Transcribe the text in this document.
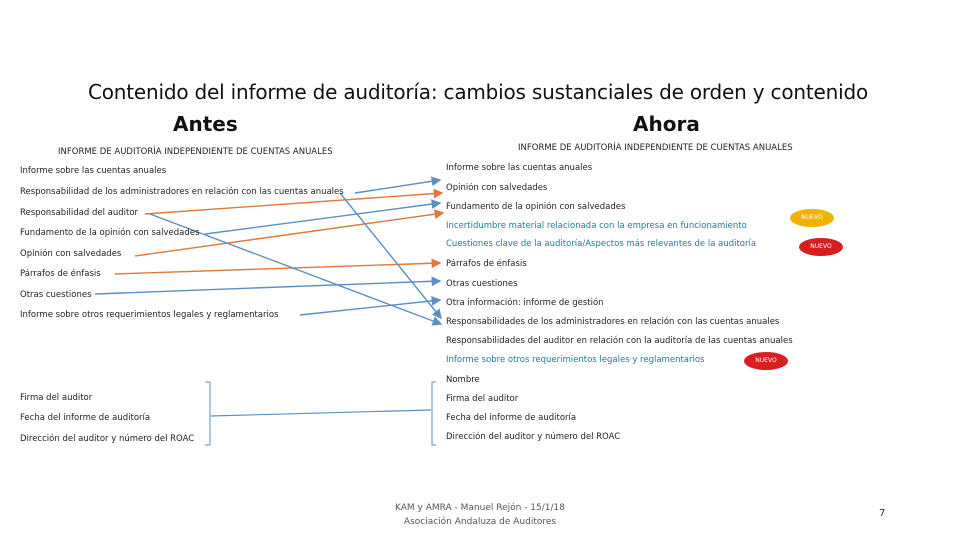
Contenido del informe de auditoría: cambios sustanciales de orden y contenido
Antes	Ahora
INFORME DE AUDITORÍA INDEPENDIENTE DE CUENTAS ANUALES	INFORME DE AUDITORÍA INDEPENDIENTE DE CUENTAS ANUALES
Informe sobre las cuentas anuales
Responsabilidad de los administradores en relación con las cuentas anuales
Responsabilidad del auditor
Fundamento de la opinión con salvedades
Opinión con salvedades
Párrafos de énfasis
Otras cuestiones
Informe sobre otros requerimientos legales y reglamentarios
Firma del auditor
Fecha del informe de auditoría
Dirección del auditor y número del ROAC
Informe sobre las cuentas anuales
Opinión con salvedades
Fundamento de la opinión con salvedades
Incertidumbre material relacionada con la empresa en funcionamiento
Cuestiones clave de la auditoría/Aspectos más relevantes de la auditoría
Párrafos de énfasis
Otras cuestiones
Otra información: informe de gestión
Responsabilidades de los administradores en relación con las cuentas anuales
Responsabilidades del auditor en relación con la auditoría de las cuentas anuales
Informe sobre otros requerimientos legales y reglamentarios
Nombre
Firma del auditor
Fecha del informe de auditoría
Dirección del auditor y número del ROAC
NUEVO
NUEVO
NUEVO
KAM y AMRA - Manuel Rejón - 15/1/18
Asociación Andaluza de Auditores
7
